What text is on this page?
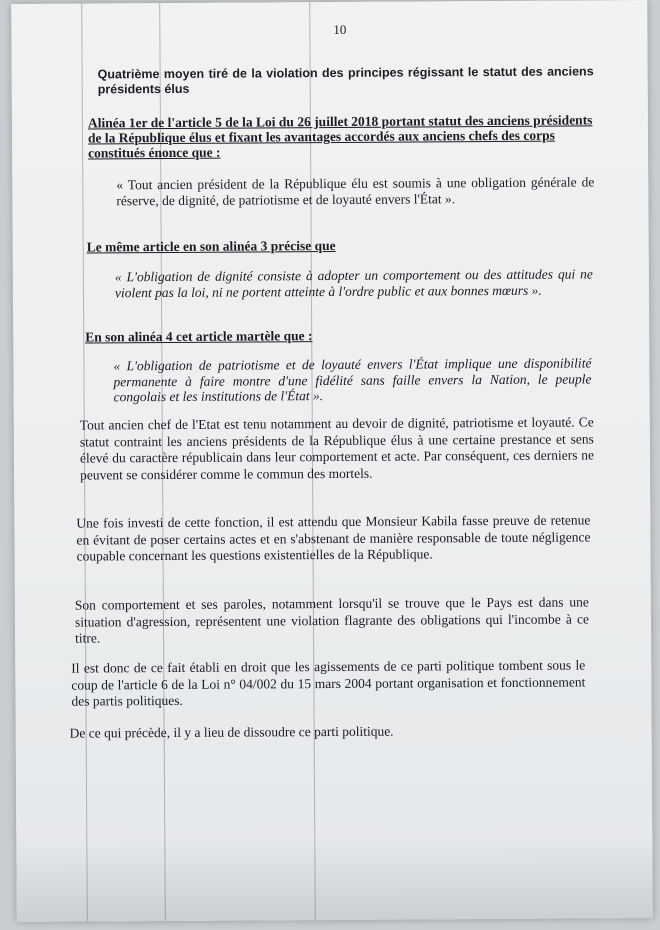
10

Quatrième moyen tiré de la violation des principes régissant le statut des anciens présidents élus

Alinéa 1er de l'article 5 de la Loi du 26 juillet 2018 portant statut des anciens présidents de la République élus et fixant les avantages accordés aux anciens chefs des corps constitués énonce que :

« Tout ancien président de la République élu est soumis à une obligation générale de réserve, de dignité, de patriotisme et de loyauté envers l'État ».

Le même article en son alinéa 3 précise que

« L'obligation de dignité consiste à adopter un comportement ou des attitudes qui ne violent pas la loi, ni ne portent atteinte à l'ordre public et aux bonnes mœurs ».

En son alinéa 4 cet article martèle que :

« L'obligation de patriotisme et de loyauté envers l'État implique une disponibilité permanente à faire montre d'une fidélité sans faille envers la Nation, le peuple congolais et les institutions de l'État ».

Tout ancien chef de l'Etat est tenu notamment au devoir de dignité, patriotisme et loyauté. Ce statut contraint les anciens présidents de la République élus à une certaine prestance et sens élevé du caractère républicain dans leur comportement et acte. Par conséquent, ces derniers ne peuvent se considérer comme le commun des mortels.

Une fois investi de cette fonction, il est attendu que Monsieur Kabila fasse preuve de retenue en évitant de poser certains actes et en s'abstenant de manière responsable de toute négligence coupable concernant les questions existentielles de la République.

Son comportement et ses paroles, notamment lorsqu'il se trouve que le Pays est dans une situation d'agression, représentent une violation flagrante des obligations qui l'incombe à ce titre.

Il est donc de ce fait établi en droit que les agissements de ce parti politique tombent sous le coup de l'article 6 de la Loi n° 04/002 du 15 mars 2004 portant organisation et fonctionnement des partis politiques.

De ce qui précède, il y a lieu de dissoudre ce parti politique.
